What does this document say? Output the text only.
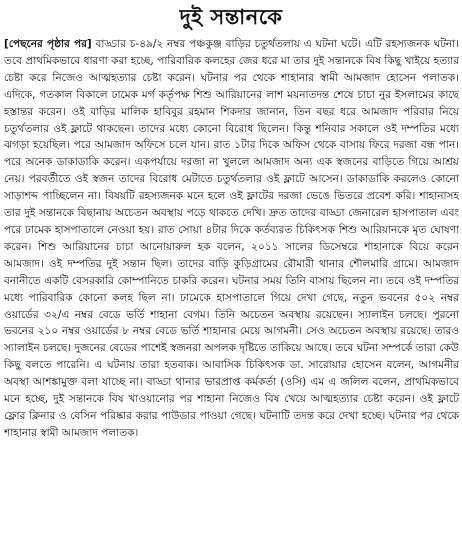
দুই সন্তানকে

[পেছনের পৃষ্ঠার পর] বাড্ডার চ-৪৯/২ নম্বর পঞ্চকুঞ্জ বাড়ির চতুর্থতলায় এ ঘটনা ঘটে। এটি রহস্যজনক ঘটনা। তবে প্রাথমিকভাবে ধারণা করা হচ্ছে, পারিবারিক কলহের জের ধরে মা তার দুই সন্তানকে বিষ কিছু খাইয়ে হত্যার চেষ্টা করে নিজেও আত্মহত্যার চেষ্টা করেন। ঘটনার পর থেকে শাহানার স্বামী আমজাদ হোসেন পলাতক। এদিকে, গতকাল বিকালে ঢামেক মর্গ কর্তৃপক্ষ শিশু আরিয়ানের লাশ ময়নাতদন্ত শেষে চাচা নুর ইসলামের কাছে হস্তান্তর করেন। ওই বাড়ির মালিক হাবিবুর রহমান শিকদার জানান, তিন বছর ধরে আমজাদ পরিবার নিয়ে চতুর্থতলার ওই ফ্লাটে থাকছেন। তাদের মধ্যে কোনো বিরোধ ছিলেন। কিন্তু শনিবার সকালে ওই দম্পতির মধ্যে ঝগড়া হয়েছিল। পরে আমজাদ অফিসে চলে যান। রাত ১টার দিকে অফিস থেকে বাসায় ফিরে দরজা বন্ধ পান। পরে অনেক ডাকাডাকি করেন। একপর্যায়ে দরজা না খুললে আমজাদ অন্য এক স্বজনের বাড়িতে গিয়ে আশ্রয় নেয়। পরবর্তীতে ওই স্বজন তাদের বিরোধ মেটাতে চতুর্থতলার ওই ফ্লাটে আসেন। ডাকাডাকি করলেও কোনো সাড়াশব্দ পাচ্ছিলেন না। বিষয়টি রহস্যজনক মনে হলে ওই ফ্লাটের দরজা ভেঙে ভিতরে প্রবেশ করি। শাহানাসহ তার দুই সন্তানকে বিছানায় অচেতন অবস্থায় পড়ে থাকতে দেখি। দ্রুত তাদের বাড্ডা জেনারেল হাসপাতাল এবং পরে ঢামেক হাসপাতালে নেওয়া হয়। রাত সোয়া ৪টার দিকে কর্তব্যরত চিকিৎসক শিশু আরিয়ানকে মৃত ঘোষণা করেন। শিশু আরিয়ানের চাচা আনোয়ারুল হক বলেন, ২০১১ সালের ডিসেম্বরে শাহানাকে বিয়ে করেন আমজাদ। ওই দম্পতির দুই সন্তান ছিল। তাদের বাড়ি কুড়িগ্রামের রৌমারী থানার শৌলমারি গ্রামে। আমজাদ বনানীতে একটি বেসরকারি কোম্পানিতে চাকরি করেন। ঘটনার সময় তিনি বাসায় ছিলেন না। তবে ওই দম্পতির মধ্যে পারিবারিক কোনো কলহ ছিল না। ঢামেকে হাসপাতালে গিয়ে দেখা গেছে, নতুন ভবনের ৫০২ নম্বর ওয়ার্ডের ৩২/এ নম্বর বেডে ভর্তি শাহানা বেগম। তিনি অচেতন অবস্থায় রয়েছেন। স্যালাইন চলছে। পুরনো ভবনের ২১০ নম্বর ওয়ার্ডের ৮ নম্বর বেডে ভর্তি শাহানার মেয়ে আগমনী। সেও অচেতন অবস্থায় রয়েছে। তারও স্যালাইন চলছে। দুজনের বেডের পাশেই স্বজনরা অপলক দৃষ্টিতে তাকিয়ে আছে। তবে ঘটনা সম্পর্কে তারা কেউ কিছু বলতে পারেনি। এ ঘটনায় তারা হতবাক। আবাসিক চিকিৎসক ডা. সারোয়ার হোসেন বলেন, আগমনীর অবস্থা আশঙ্কামুক্ত বলা যাচ্ছে না। বাড্ডা থানার ভারপ্রাপ্ত কর্মকর্তা (ওসি) এম এ জলিল বলেন, প্রাথমিকভাবে মনে হচ্ছে, দুই সন্তানকে বিষ খাওয়ানোর পর শাহানা নিজেও বিষ খেয়ে আত্মহত্যার চেষ্টা করেন। ওই ফ্লাটে ফ্লোর ক্লিনার ও বেসিন পরিষ্কার করার পাউডার পাওয়া গেছে। ঘটনাটি তদন্ত করে দেখা হচ্ছে। ঘটনার পর থেকে শাহানার স্বামী আমজাদ পলাতক।
